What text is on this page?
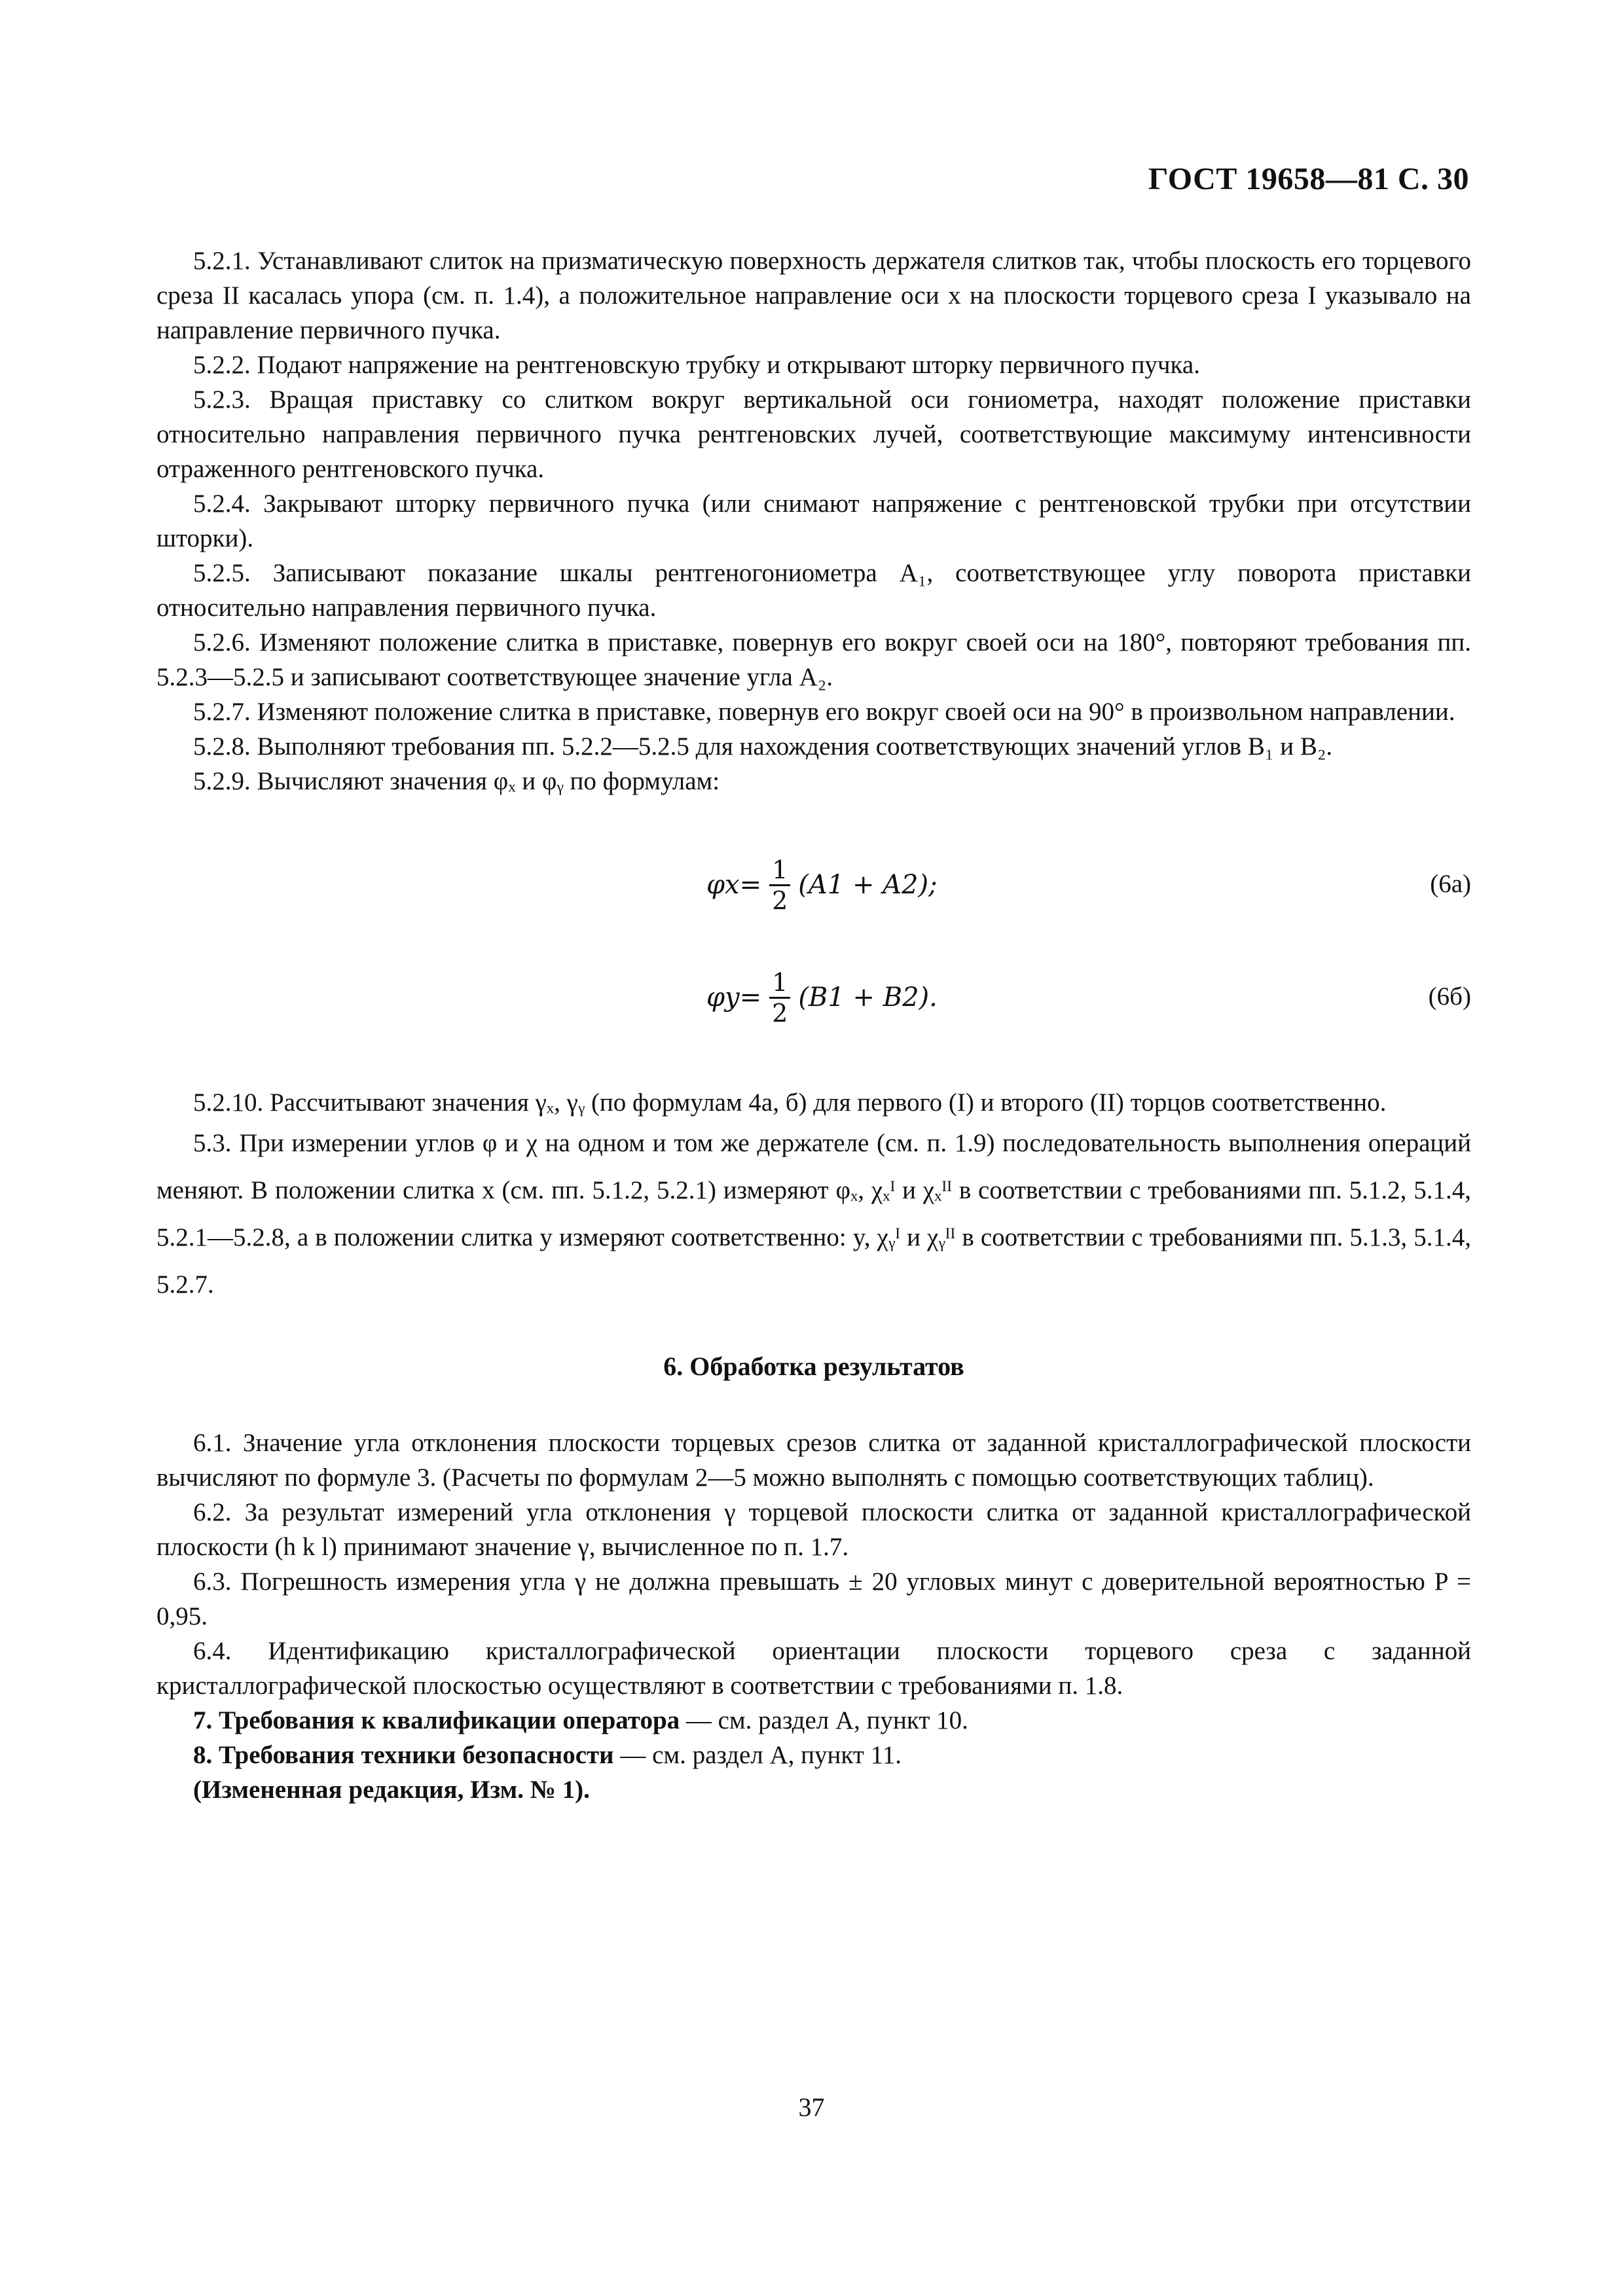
ГОСТ 19658—81 С. 30

5.2.1. Устанавливают слиток на призматическую поверхность держателя слитков так, чтобы плоскость его торцевого среза II касалась упора (см. п. 1.4), а положительное направление оси x на плоскости торцевого среза I указывало на направление первичного пучка.

5.2.2. Подают напряжение на рентгеновскую трубку и открывают шторку первичного пучка.

5.2.3. Вращая приставку со слитком вокруг вертикальной оси гониометра, находят положение приставки относительно направления первичного пучка рентгеновских лучей, соответствующие максимуму интенсивности отраженного рентгеновского пучка.

5.2.4. Закрывают шторку первичного пучка (или снимают напряжение с рентгеновской трубки при отсутствии шторки).

5.2.5. Записывают показание шкалы рентгеногониометра A₁, соответствующее углу поворота приставки относительно направления первичного пучка.

5.2.6. Изменяют положение слитка в приставке, повернув его вокруг своей оси на 180°, повторяют требования пп. 5.2.3—5.2.5 и записывают соответствующее значение угла A₂.

5.2.7. Изменяют положение слитка в приставке, повернув его вокруг своей оси на 90° в произвольном направлении.

5.2.8. Выполняют требования пп. 5.2.2—5.2.5 для нахождения соответствующих значений углов B₁ и B₂.

5.2.9. Вычисляют значения φₓ и φᵧ по формулам:

$\varphi x = \frac{1}{2} (A1 + A2)$;	(6а)
$\varphi y = \frac{1}{2} (B1 + B2)$.	(6б)

5.2.10. Рассчитывают значения γₓ, γᵧ (по формулам 4а, б) для первого (I) и второго (II) торцов соответственно.

5.3. При измерении углов φ и χ на одном и том же держателе (см. п. 1.9) последовательность выполнения операций меняют. В положении слитка x (см. пп. 5.1.2, 5.2.1) измеряют φₓ, χₓᴵ и χₓᴵᴵ в соответствии с требованиями пп. 5.1.2, 5.1.4, 5.2.1—5.2.8, а в положении слитка y измеряют соответственно: y, χᵧᴵ и χᵧᴵᴵ в соответствии с требованиями пп. 5.1.3, 5.1.4, 5.2.7.

6. Обработка результатов

6.1. Значение угла отклонения плоскости торцевых срезов слитка от заданной кристаллографической плоскости вычисляют по формуле 3. (Расчеты по формулам 2—5 можно выполнять с помощью соответствующих таблиц).

6.2. За результат измерений угла отклонения γ торцевой плоскости слитка от заданной кристаллографической плоскости (h k l) принимают значение γ, вычисленное по п. 1.7.

6.3. Погрешность измерения угла γ не должна превышать ± 20 угловых минут с доверительной вероятностью P = 0,95.

6.4. Идентификацию кристаллографической ориентации плоскости торцевого среза с заданной кристаллографической плоскостью осуществляют в соответствии с требованиями п. 1.8.

7. Требования к квалификации оператора — см. раздел А, пункт 10.

8. Требования техники безопасности — см. раздел А, пункт 11.

(Измененная редакция, Изм. № 1).

37
